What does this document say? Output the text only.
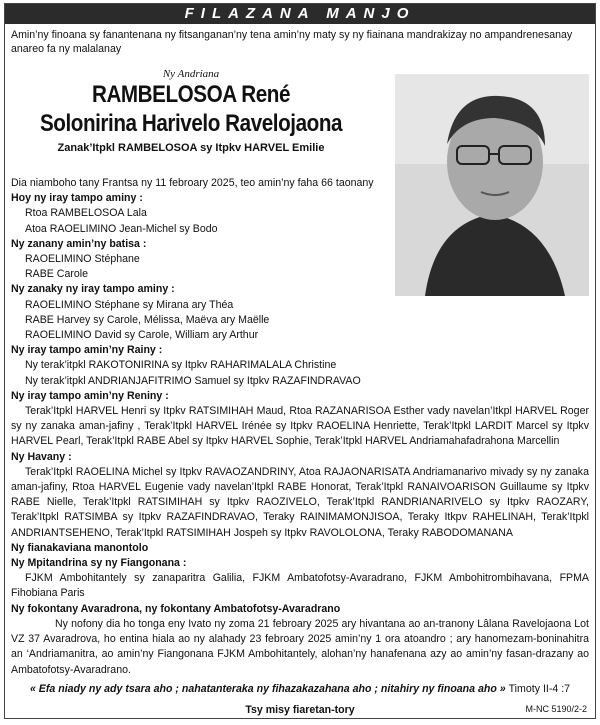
FILAZANA MANJO
Amin’ny finoana sy fanantenana ny fitsanganan’ny tena amin’ny maty sy ny fiainana mandrakizay no ampandrenesanay anareo fa ny malalanay
Ny Andriana
RAMBELOSOA René
Solonirina Harivelo Ravelojaona
Zanak’Itpkl RAMBELOSOA sy Itpkv HARVEL Emilie
Dia niamboho tany Frantsa ny 11 febroary 2025, teo amin’ny faha 66 taonany
Hoy ny iray tampo aminy :
Rtoa RAMBELOSOA Lala
Atoa RAOELIMINO Jean-Michel sy Bodo
Ny zanany amin’ny batisa :
RAOELIMINO Stéphane
RABE Carole
Ny zanaky ny iray tampo aminy :
RAOELIMINO Stéphane sy Mirana ary Théa
RABE Harvey sy Carole, Mélissa, Maëva ary Maëlle
RAOELIMINO David sy Carole, William ary Arthur
Ny iray tampo amin’ny Rainy :
Ny terak’itpkl RAKOTONIRINA sy Itpkv RAHARIMALALA Christine
Ny terak’itpkl ANDRIANJAFITRIMO Samuel sy Itpkv RAZAFINDRAVAO
Ny iray tampo amin’ny Reniny :
Terak’Itpkl HARVEL Henri sy Itpkv RATSIMIHAH Maud, Rtoa RAZANARISOA Esther vady navelan’Itkpl HARVEL Roger sy ny zanaka aman-jafiny , Terak’Itpkl HARVEL Irénée sy Itpkv RAOELINA Henriette, Terak’Itpkl LARDIT Marcel sy Itpkv HARVEL Pearl, Terak’Itpkl RABE Abel sy Itpkv HARVEL Sophie, Terak’Itpkl HARVEL Andriamahafadrahona Marcellin
Ny Havany :
Terak’Itpkl RAOELINA Michel sy Itpkv RAVAOZANDRINY, Atoa RAJAONARISATA Andriamanarivo mivady sy ny zanaka aman-jafiny, Rtoa HARVEL Eugenie vady navelan’Itpkl RABE Honorat, Terak’Itpkl RANAIVOARISON Guillaume sy Itpkv RABE Nielle, Terak’Itpkl RATSIMIHAH sy Itpkv RAOZIVELO, Terak’Itpkl RANDRIANARIVELO sy Itpkv RAOZARY, Terak’Itpkl RATSIMBA sy Itpkv RAZAFINDRAVAO, Teraky RAINIMAMONJISOA, Teraky Itkpv RAHELINAH, Terak’Itpkl ANDRIANTSEHENO, Terak’Itpkl RATSIMIHAH Jospeh sy Itpkv RAVOLOLONA, Teraky RABODOMANANA
Ny fianakaviana manontolo
Ny Mpitandrina sy ny Fiangonana :
FJKM Ambohitantely sy zanaparitra Galilia, FJKM Ambatofotsy-Avaradrano, FJKM Ambohitrombihavana, FPMA Fihobiana Paris
Ny fokontany Avaradrona, ny fokontany Ambatofotsy-Avaradrano
Ny nofony dia ho tonga eny Ivato ny zoma 21 febroary 2025 ary hivantana ao an-tranony Lâlana Ravelojaona Lot VZ 37 Avaradrova, ho entina hiala ao ny alahady 23 febroary 2025 amin’ny 1 ora atoandro ; ary hanomezam-boninahitra an ‘Andriamanitra, ao amin’ny Fiangonana FJKM Ambohitantely, alohan’ny hanafenana azy ao amin’ny fasan-drazany ao Ambatofotsy-Avaradrano.
« Efa niady ny ady tsara aho ; nahatanteraka ny fihazakazahana aho ; nitahiry ny finoana aho » Timoty II-4 :7
Tsy misy fiaretan-tory	M-NC 5190/2-2
